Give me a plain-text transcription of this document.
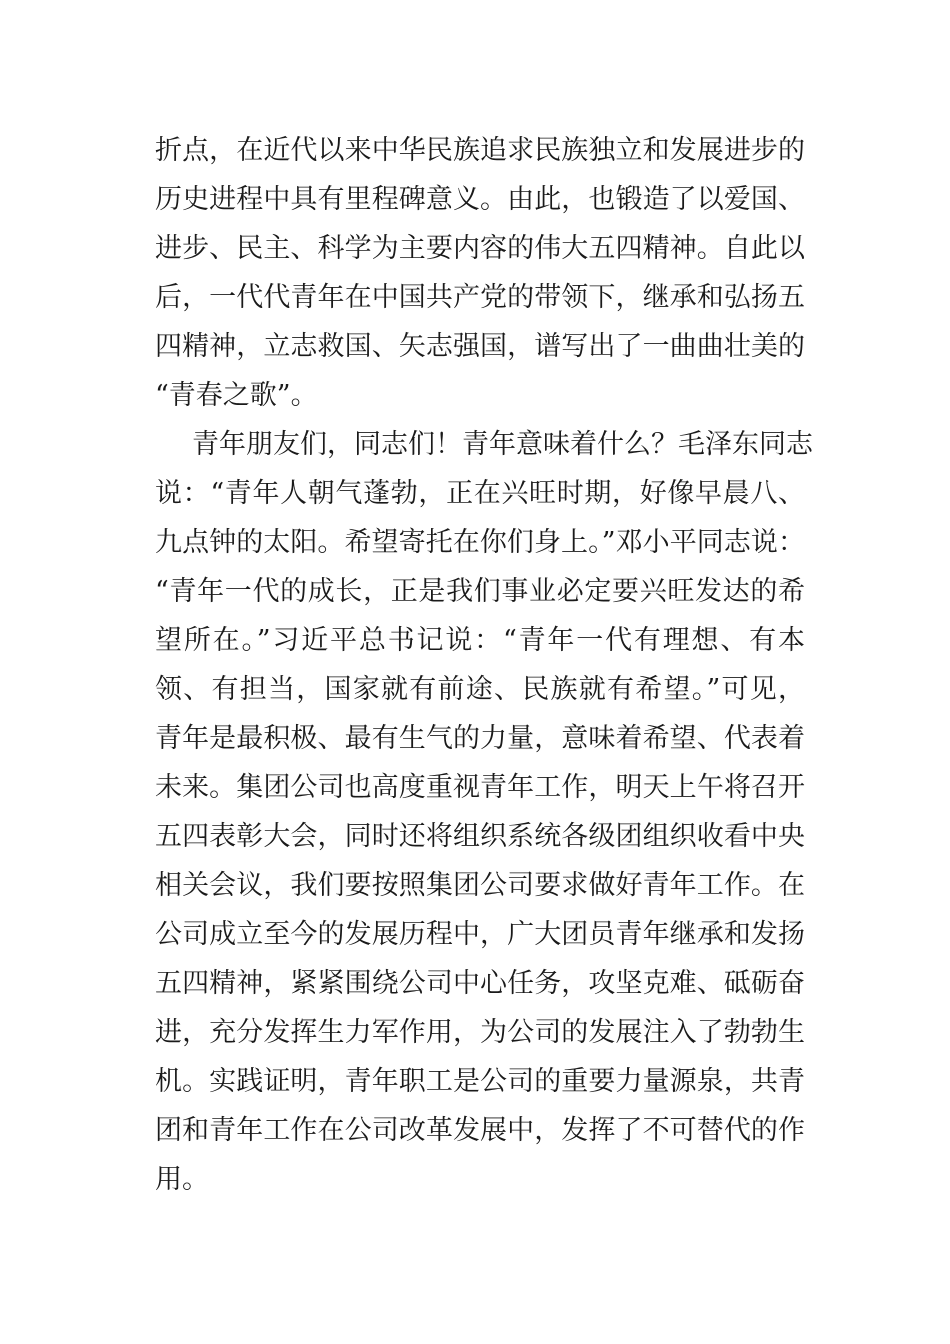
折点，在近代以来中华民族追求民族独立和发展进步的
历史进程中具有里程碑意义。由此，也锻造了以爱国、
进步、民主、科学为主要内容的伟大五四精神。自此以
后，一代代青年在中国共产党的带领下，继承和弘扬五
四精神，立志救国、矢志强国，谱写出了一曲曲壮美的
“青春之歌”。
青年朋友们，同志们！青年意味着什么？毛泽东同志
说：“青年人朝气蓬勃，正在兴旺时期，好像早晨八、
九点钟的太阳。希望寄托在你们身上。”邓小平同志说：
“青年一代的成长，正是我们事业必定要兴旺发达的希
望所在。”习近平总书记说：“青年一代有理想、有本
领、有担当，国家就有前途、民族就有希望。”可见，
青年是最积极、最有生气的力量，意味着希望、代表着
未来。集团公司也高度重视青年工作，明天上午将召开
五四表彰大会，同时还将组织系统各级团组织收看中央
相关会议，我们要按照集团公司要求做好青年工作。在
公司成立至今的发展历程中，广大团员青年继承和发扬
五四精神，紧紧围绕公司中心任务，攻坚克难、砥砺奋
进，充分发挥生力军作用，为公司的发展注入了勃勃生
机。实践证明，青年职工是公司的重要力量源泉，共青
团和青年工作在公司改革发展中，发挥了不可替代的作
用。
